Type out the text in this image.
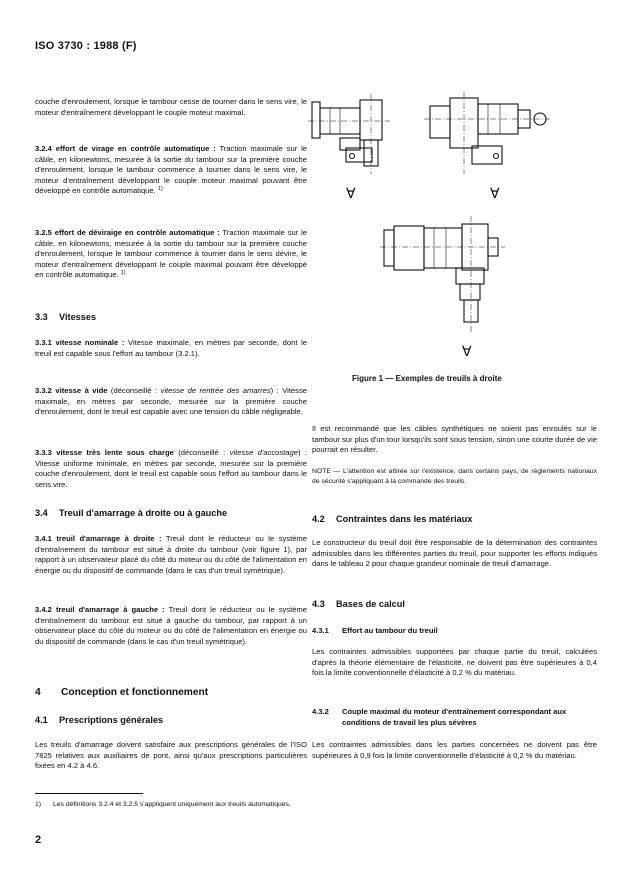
ISO 3730 : 1988 (F)

couche d'enroulement, lorsque le tambour cesse de tourner dans le sens vire, le moteur d'entraînement développant le couple moteur maximal.

3.2.4 effort de virage en contrôle automatique : Traction maximale sur le câble, en kilonewtons, mesurée à la sortie du tambour sur la première couche d'enroulement, lorsque le tambour commence à tourner dans le sens vire, le moteur d'entraînement développant le couple moteur maximal pouvant être développé en contrôle automatique. $^{1)}$

3.2.5 effort de déviraige en contrôle automatique : Traction maximale sur le câble, en kilonewtons, mesurée à la sortie du tambour sur la première couche d'enroulement, lorsque le tambour commence à tourner dans le sens dévire, le moteur d'entraînement développant le couple maximal pouvant être développé en contrôle automatique. $^{1)}$

3.3 Vitesses

3.3.1 vitesse nominale : Vitesse maximale, en mètres par seconde, dont le treuil est capable sous l'effort au tambour (3.2.1).

3.3.2 vitesse à vide (déconseillé : vitesse de rentrée des amarres) : Vitesse maximale, en mètres par seconde, mesurée sur la première couche d'enroulement, dont le treuil est capable avec une tension du câble négligeable.

3.3.3 vitesse très lente sous charge (déconseillé : vitesse d'accostage) : Vitesse uniforme minimale, en mètres par seconde, mesurée sur la première couche d'enroulement, dont le treuil est capable sous l'effort au tambour dans le sens vire.

3.4 Treuil d'amarrage à droite ou à gauche

3.4.1 treuil d'amarrage à droite : Treuil dont le réducteur ou le système d'entraînement du tambour est situé à droite du tambour (voir figure 1), par rapport à un observateur placé du côté du moteur ou du côté de l'alimentation en énergie ou du dispositif de commande (dans le cas d'un treuil symétrique).

3.4.2 treuil d'amarrage à gauche : Treuil dont le réducteur ou le système d'entraînement du tambour est situé à gauche du tambour, par rapport à un observateur placé du côté du moteur ou du côté de l'alimentation en énergie ou du dispositif de commande (dans le cas d'un treuil symétrique).

4 Conception et fonctionnement
4.1 Prescriptions générales

Les treuils d'amarrage doivent satisfaire aux prescriptions générales de l'ISO 7825 relatives aux auxiliaires de pont, ainsi qu'aux prescriptions particulières fixées en 4.2 à 4.6.

∀	∀
∀
Figure 1 — Exemples de treuils à droite

Il est recommandé que les câbles synthétiques ne soient pas enroulés sur le tambour sur plus d'un tour lorsqu'ils sont sous tension, sinon une courte durée de vie pourrait en résulter.

NOTE — L'attention est attirée sur l'existence, dans certains pays, de règlements nationaux de sécurité s'appliquant à la commande des treuils.

4.2 Contraintes dans les matériaux

Le constructeur du treuil doit être responsable de la détermination des contraintes admissibles dans les différentes parties du treuil, pour supporter les efforts indiqués dans le tableau 2 pour chaque grandeur nominale de treuil d'amarrage.

4.3 Bases de calcul
4.3.1 Effort au tambour du treuil

Les contraintes admissibles supportées par chaque partie du treuil, calculées d'après la théorie élémentaire de l'élasticité, ne doivent pas être supérieures à 0,4 fois la limite conventionnelle d'élasticité à 0,2 % du matériau.

4.3.2 Couple maximal du moteur d'entraînement correspondant aux conditions de travail les plus sévères

Les contraintes admissibles dans les parties concernées ne doivent pas être supérieures à 0,9 fois la limite conventionnelle d'élasticité à 0,2 % du matériau.

1) Les définitions 3.2.4 et 3.2.5 s'appliquent uniquement aux treuils automatiques.
2
